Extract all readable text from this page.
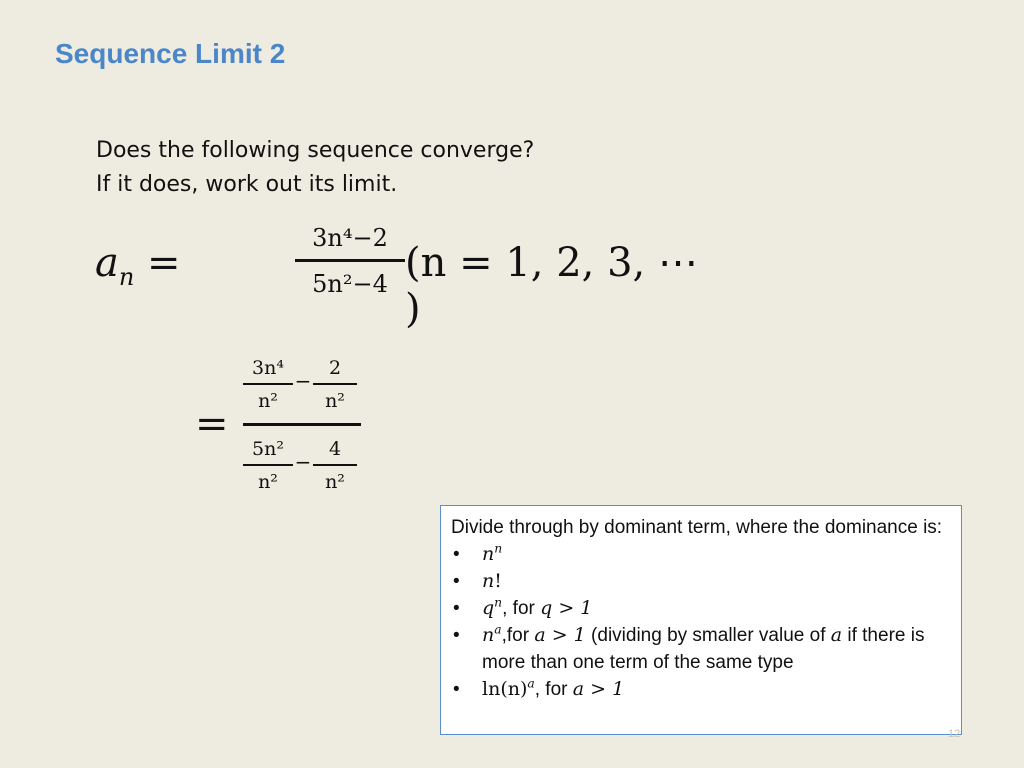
Sequence Limit 2
Does the following sequence converge?
If it does, work out its limit.
$a_n$ =
3n⁴−2
5n²−4 (n = 1, 2, 3, ⋯ )
=
3n⁴
n²
−
2
n²
5n²
n²
−
4
n²
Divide through by dominant term, where the dominance is:
• $n^n$
• n!
• $q^n$, for q > 1
• $n^a,for$ a > 1 (dividing by smaller value of a if there is more than one term of the same type
• $\ln(n)^a$, for a > 1
12
